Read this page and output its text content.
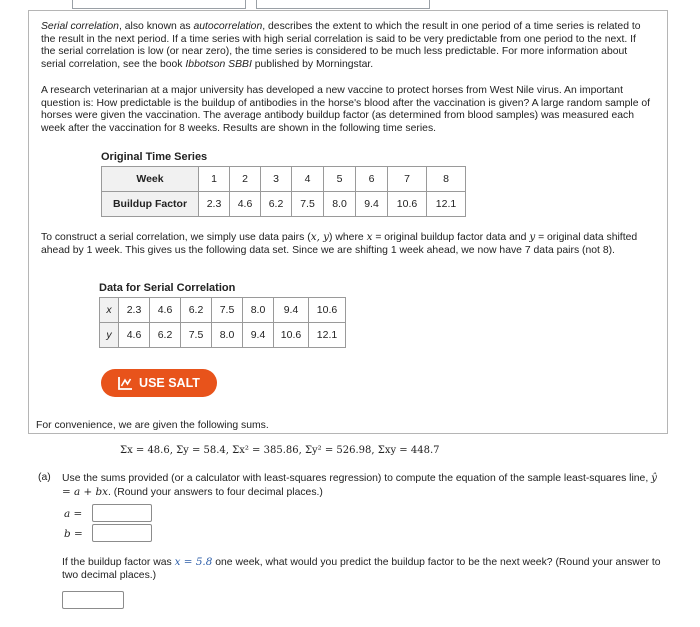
Serial correlation, also known as autocorrelation, describes the extent to which the result in one period of a time series is related to the result in the next period. If a time series with high serial correlation is said to be very predictable from one period to the next. If the serial correlation is low (or near zero), the time series is considered to be much less predictable. For more information about serial correlation, see the book Ibbotson SBBI published by Morningstar.
A research veterinarian at a major university has developed a new vaccine to protect horses from West Nile virus. An important question is: How predictable is the buildup of antibodies in the horse's blood after the vaccination is given? A large random sample of horses were given the vaccination. The average antibody buildup factor (as determined from blood samples) was measured each week after the vaccination for 8 weeks. Results are shown in the following time series.
Original Time Series
Week	1	2	3	4	5	6	7	8
Buildup Factor	2.3	4.6	6.2	7.5	8.0	9.4	10.6	12.1
To construct a serial correlation, we simply use data pairs (x, y) where x = original buildup factor data and y = original data shifted ahead by 1 week. This gives us the following data set. Since we are shifting 1 week ahead, we now have 7 data pairs (not 8).
Data for Serial Correlation
x	2.3	4.6	6.2	7.5	8.0	9.4	10.6
y	4.6	6.2	7.5	8.0	9.4	10.6	12.1
USE SALT
For convenience, we are given the following sums.
Σx = 48.6, Σy = 58.4, Σx² = 385.86, Σy² = 526.98, Σxy = 448.7
(a) Use the sums provided (or a calculator with least-squares regression) to compute the equation of the sample least-squares line, ŷ = a + bx. (Round your answers to four decimal places.)
a =
b =
If the buildup factor was x = 5.8 one week, what would you predict the buildup factor to be the next week? (Round your answer to two decimal places.)
